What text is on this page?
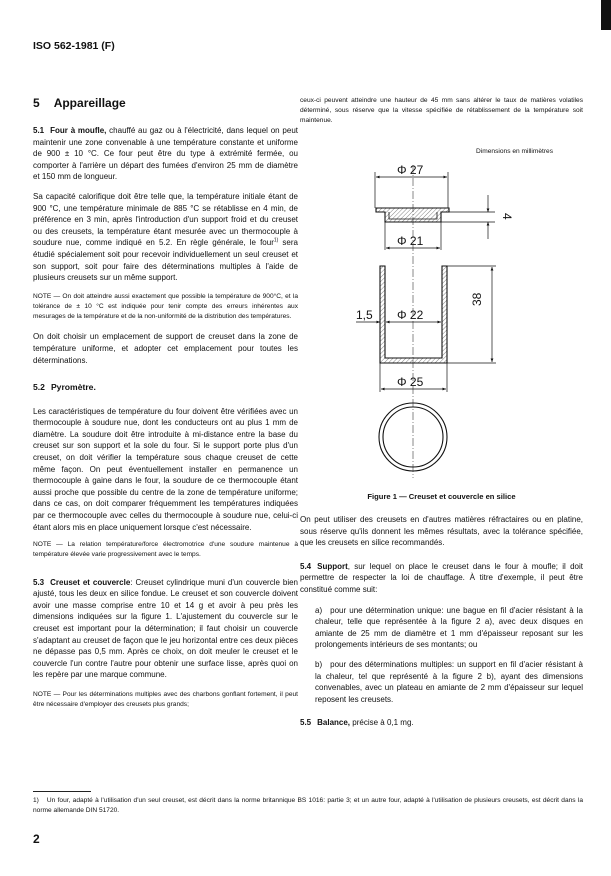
ISO 562-1981 (F)
5 Appareillage

5.1 Four à moufle, chauffé au gaz ou à l'électricité, dans lequel on peut maintenir une zone convenable à une température constante et uniforme de 900 ± 10 °C. Ce four peut être du type à extrémité fermée, ou comporter à l'arrière un départ des fumées d'environ 25 mm de diamètre et 150 mm de longueur.

Sa capacité calorifique doit être telle que, la température initiale étant de 900 °C, une température minimale de 885 °C se rétablisse en 4 min, de préférence en 3 min, après l'introduction d'un support froid et du creuset ou des creusets, la température étant mesurée avec un thermocouple à soudure nue, comme indiqué en 5.2. En règle générale, le four$^{1)}$ sera étudié spécialement soit pour recevoir individuellement un seul creuset et son support, soit pour faire des déterminations multiples à l'aide de plusieurs creusets sur un même support.

NOTE — On doit atteindre aussi exactement que possible la température de 900°C, et la tolérance de ± 10 °C est indiquée pour tenir compte des erreurs inhérentes aux mesurages de la température et de la non-uniformité de la distribution des températures.

On doit choisir un emplacement de support de creuset dans la zone de température uniforme, et adopter cet emplacement pour toutes les déterminations.

5.2 Pyromètre.

Les caractéristiques de température du four doivent être vérifiées avec un thermocouple à soudure nue, dont les conducteurs ont au plus 1 mm de diamètre. La soudure doit être introduite à mi-distance entre la base du creuset sur son support et la sole du four. Si le support porte plus d'un creuset, on doit vérifier la température sous chaque creuset de cette même façon. On peut éventuellement installer en permanence un thermocouple à gaine dans le four, la soudure de ce thermocouple étant aussi proche que possible du centre de la zone de température uniforme; dans ce cas, on doit comparer fréquemment les températures indiquées par ce thermocouple avec celles du thermocouple à soudure nue, celui-ci étant alors mis en place uniquement lorsque c'est nécessaire.

NOTE — La relation température/force électromotrice d'une soudure maintenue à température élevée varie progressivement avec le temps.

5.3 Creuset et couvercle: Creuset cylindrique muni d'un couvercle bien ajusté, tous les deux en silice fondue. Le creuset et son couvercle doivent avoir une masse comprise entre 10 et 14 g et avoir à peu près les dimensions indiquées sur la figure 1. L'ajustement du couvercle sur le creuset est important pour la détermination; il faut choisir un couvercle s'adaptant au creuset de façon que le jeu horizontal entre ces deux pièces ne dépasse pas 0,5 mm. Après ce choix, on doit meuler le creuset et le couvercle l'un contre l'autre pour obtenir une surface lisse, après quoi on les repère par une marque commune.

NOTE — Pour les déterminations multiples avec des charbons gonflant fortement, il peut être nécessaire d'employer des creusets plus grands;

1) Un four, adapté à l'utilisation d'un seul creuset, est décrit dans la norme britannique BS 1016: partie 3; et un autre four, adapté à l'utilisation de plusieurs creusets, est décrit dans la norme allemande DIN 51720.

2

ceux-ci peuvent atteindre une hauteur de 45 mm sans altérer le taux de matières volatiles déterminé, sous réserve que la vitesse spécifiée de rétablissement de la température soit maintenue.

Dimensions en millimètres
Φ 27
Φ 21
4
1,5 Φ 22
38
Φ 25
Figure 1 — Creuset et couvercle en silice

On peut utiliser des creusets en d'autres matières réfractaires ou en platine, sous réserve qu'ils donnent les mêmes résultats, avec la tolérance spécifiée, que les creusets en silice recommandés.

5.4 Support, sur lequel on place le creuset dans le four à moufle; il doit permettre de respecter la loi de chauffage. À titre d'exemple, il peut être constitué comme suit:

a) pour une détermination unique: une bague en fil d'acier résistant à la chaleur, telle que représentée à la figure 2 a), avec deux disques en amiante de 25 mm de diamètre et 1 mm d'épaisseur reposant sur les prolongements intérieurs de ses montants; ou

b) pour des déterminations multiples: un support en fil d'acier résistant à la chaleur, tel que représenté à la figure 2 b), ayant des dimensions convenables, avec un plateau en amiante de 2 mm d'épaisseur sur lequel reposent les creusets.

5.5 Balance, précise à 0,1 mg.
